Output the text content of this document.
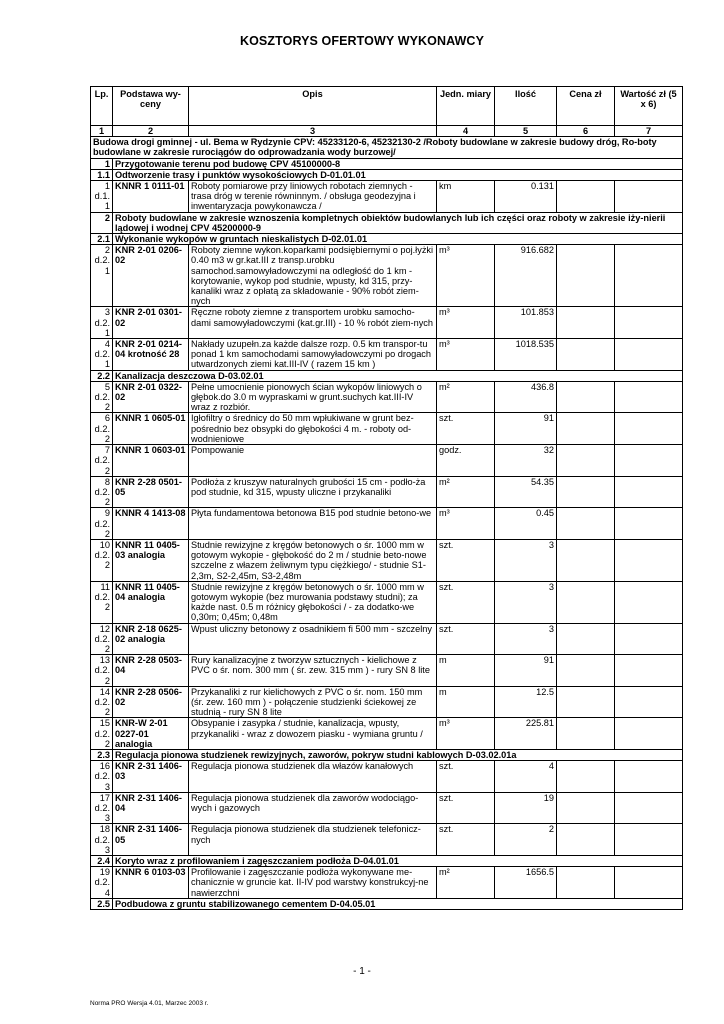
KOSZTORYS OFERTOWY WYKONAWCY
Lp.	Podstawa wy-ceny	Opis	Jedn. miary	Ilość	Cena zł	Wartość zł (5 x 6)
1	2	3	4	5	6	7
Budowa drogi gminnej - ul. Bema w Rydzynie CPV: 45233120-6, 45232130-2 /Roboty budowlane w zakresie budowy dróg, Ro-boty budowlane w zakresie rurociągów do odprowadzania wody burzowej/						
1	Przygotowanie terenu pod budowę CPV 45100000-8					
1.1	Odtworzenie trasy i punktów wysokościowych D-01.01.01					
1 d.1. 1	KNNR 1 0111-01	Roboty pomiarowe przy liniowych robotach ziemnych - trasa dróg w terenie równinnym. / obsługa geodezyjna i inwentaryzacja powykonawcza /	km	0.131		
2	Roboty budowlane w zakresie wznoszenia kompletnych obiektów budowlanych lub ich części oraz roboty w zakresie iży-nierii lądowej i wodnej CPV 45200000-9					
2.1	Wykonanie wykopów w gruntach nieskalistych D-02.01.01					
2 d.2. 1	KNR 2-01 0206-02	Roboty ziemne wykon.koparkami podsiębiernymi o poj.łyżki 0.40 m3 w gr.kat.III z transp.urobku samochod.samowyładowczymi na odległość do 1 km - korytowanie, wykop pod studnie, wpusty, kd 315, przy-kanaliki wraz z opłatą za składowanie - 90% robót ziem-nych	m³	916.682		
3 d.2. 1	KNR 2-01 0301-02	Ręczne roboty ziemne z transportem urobku samocho-dami samowyładowczymi (kat.gr.III) - 10 % robót ziem-nych	m³	101.853		
4 d.2. 1	KNR 2-01 0214-04 krotność 28	Nakłady uzupełn.za każde dalsze rozp. 0.5 km transpor-tu ponad 1 km samochodami samowyładowczymi po drogach utwardzonych ziemi kat.III-IV ( razem 15 km )	m³	1018.535		
2.2	Kanalizacja deszczowa D-03.02.01					
5 d.2. 2	KNR 2-01 0322-02	Pełne umocnienie pionowych ścian wykopów liniowych o głębok.do 3.0 m wypraskami w grunt.suchych kat.III-IV wraz z rozbiór.	m²	436.8		
6 d.2. 2	KNNR 1 0605-01	Igłofiltry o średnicy do 50 mm wpłukiwane w grunt bez-pośrednio bez obsypki do głębokości 4 m. - roboty od-wodnieniowe	szt.	91		
7 d.2. 2	KNNR 1 0603-01	Pompowanie	godz.	32		
8 d.2. 2	KNR 2-28 0501-05	Podłoża z kruszyw naturalnych grubości 15 cm - podło-ża pod studnie, kd 315, wpusty uliczne i przykanaliki	m²	54.35		
9 d.2. 2	KNNR 4 1413-08	Płyta fundamentowa betonowa B15 pod studnie betono-we	m³	0.45		
10 d.2. 2	KNNR 11 0405-03 analogia	Studnie rewizyjne z kręgów betonowych o śr. 1000 mm w gotowym wykopie - głębokość do 2 m / studnie beto-nowe szczelne z włazem żeliwnym typu ciężkiego/ - studnie S1-2,3m, S2-2,45m, S3-2,48m	szt.	3		
11 d.2. 2	KNNR 11 0405-04 analogia	Studnie rewizyjne z kręgów betonowych o śr. 1000 mm w gotowym wykopie (bez murowania podstawy studni); za każde nast. 0.5 m różnicy głębokości / - za dodatko-we 0,30m; 0,45m; 0,48m	szt.	3		
12 d.2. 2	KNR 2-18 0625-02 analogia	Wpust uliczny betonowy z osadnikiem fi 500 mm - szczelny	szt.	3		
13 d.2. 2	KNR 2-28 0503-04	Rury kanalizacyjne z tworzyw sztucznych - kielichowe z PVC o śr. nom. 300 mm ( śr. zew. 315 mm ) - rury SN 8 lite	m	91		
14 d.2. 2	KNR 2-28 0506-02	Przykanaliki z rur kielichowych z PVC o śr. nom. 150 mm (śr. zew. 160 mm ) - połączenie studzienki ściekowej ze studnią - rury SN 8 lite	m	12.5		
15 d.2. 2	KNR-W 2-01 0227-01 analogia	Obsypanie i zasypka / studnie, kanalizacja, wpusty, przykanaliki - wraz z dowozem piasku - wymiana gruntu /	m³	225.81		
2.3	Regulacja pionowa studzienek rewizyjnych, zaworów, pokryw studni kablowych D-03.02.01a					
16 d.2. 3	KNR 2-31 1406-03	Regulacja pionowa studzienek dla włazów kanałowych	szt.	4		
17 d.2. 3	KNR 2-31 1406-04	Regulacja pionowa studzienek dla zaworów wodociągo-wych i gazowych	szt.	19		
18 d.2. 3	KNR 2-31 1406-05	Regulacja pionowa studzienek dla studzienek telefonicz-nych	szt.	2		
2.4	Koryto wraz z profilowaniem i zagęszczaniem podłoża D-04.01.01					
19 d.2. 4	KNNR 6 0103-03	Profilowanie i zagęszczanie podłoża wykonywane me-chanicznie w gruncie kat. II-IV pod warstwy konstrukcyj-ne nawierzchni	m²	1656.5		
2.5	Podbudowa z gruntu stabilizowanego cementem D-04.05.01					
- 1 -
Norma PRO Wersja 4.01, Marzec 2003 r.
